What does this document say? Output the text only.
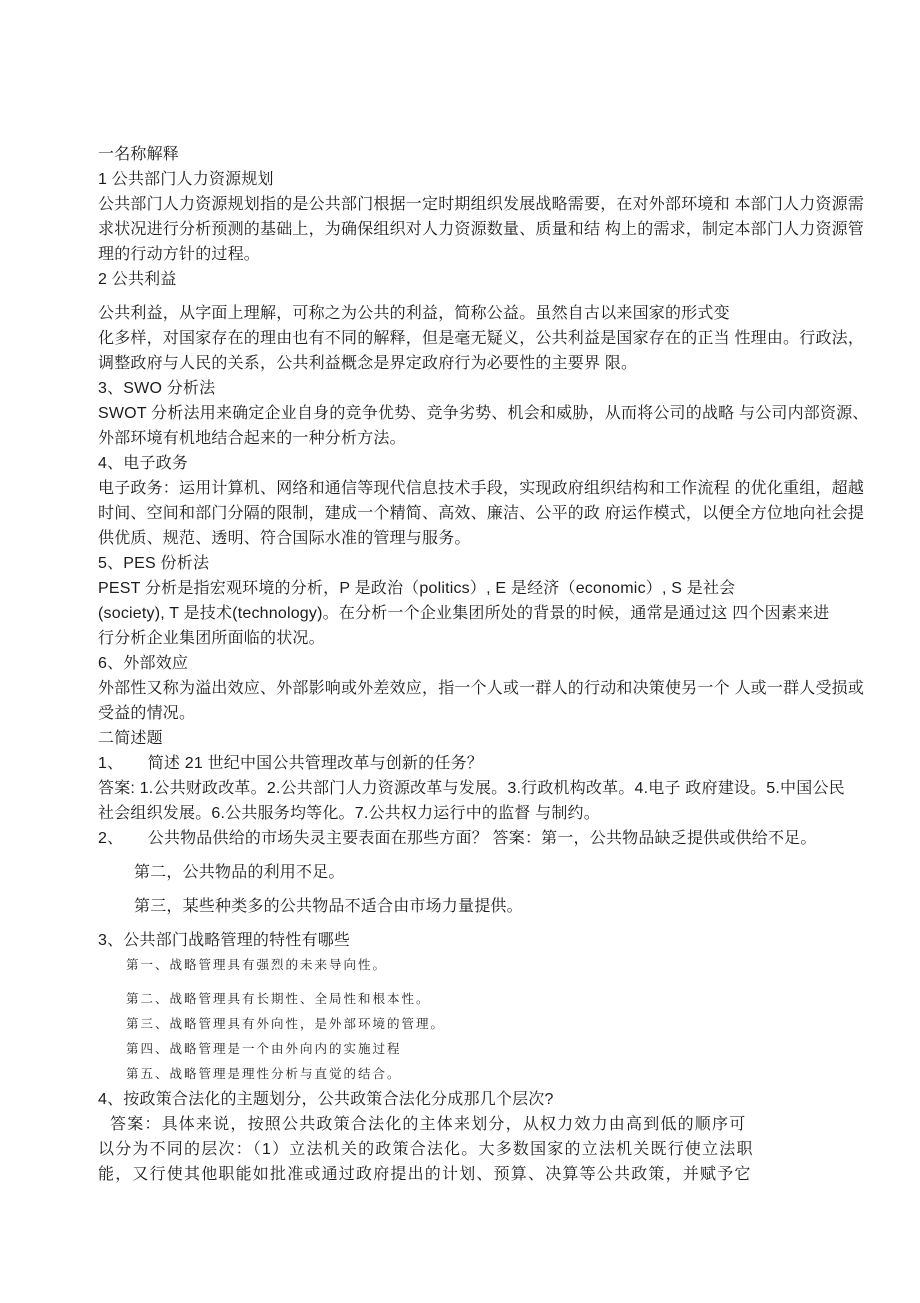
一名称解释
1 公共部门人力资源规划
公共部门人力资源规划指的是公共部门根据一定时期组织发展战略需要，在对外部环境和 本部门人力资源需
求状况进行分析预测的基础上，为确保组织对人力资源数量、质量和结 构上的需求，制定本部门人力资源管
理的行动方针的过程。
2 公共利益
公共利益，从字面上理解，可称之为公共的利益，简称公益。虽然自古以来国家的形式变
化多样，对国家存在的理由也有不同的解释，但是毫无疑义，公共利益是国家存在的正当 性理由。行政法，
调整政府与人民的关系，公共利益概念是界定政府行为必要性的主要界 限。
3、SWO 分析法
SWOT 分析法用来确定企业自身的竞争优势、竞争劣势、机会和威胁，从而将公司的战略 与公司内部资源、
外部环境有机地结合起来的一种分析方法。
4、电子政务
电子政务：运用计算机、网络和通信等现代信息技术手段，实现政府组织结构和工作流程 的优化重组，超越
时间、空间和部门分隔的限制，建成一个精简、高效、廉洁、公平的政 府运作模式，以便全方位地向社会提
供优质、规范、透明、符合国际水准的管理与服务。
5、PES 份析法
PEST 分析是指宏观环境的分析，P 是政治（politics）, E 是经济（economic）, S 是社会
(society), T 是技术(technology)。在分析一个企业集团所处的背景的时候，通常是通过这 四个因素来进
行分析企业集团所面临的状况。
6、外部效应
外部性又称为溢出效应、外部影响或外差效应，指一个人或一群人的行动和决策使另一个 人或一群人受损或
受益的情况。
二简述题
1、　　简述 21 世纪中国公共管理改革与创新的任务？
答案: 1.公共财政改革。2.公共部门人力资源改革与发展。3.行政机构改革。4.电子 政府建设。5.中国公民
社会组织发展。6.公共服务均等化。7.公共权力运行中的监督 与制约。
2、　　公共物品供给的市场失灵主要表面在那些方面？ 答案：第一，公共物品缺乏提供或供给不足。
第二，公共物品的利用不足。
第三，某些种类多的公共物品不适合由市场力量提供。
3、公共部门战略管理的特性有哪些
第一、战略管理具有强烈的未来导向性。
第二、战略管理具有长期性、全局性和根本性。
第三、战略管理具有外向性，是外部环境的管理。
第四、战略管理是一个由外向内的实施过程
第五、战略管理是理性分析与直觉的结合。
4、按政策合法化的主题划分，公共政策合法化分成那几个层次?
答案：具体来说，按照公共政策合法化的主体来划分，从权力效力由高到低的顺序可
以分为不同的层次：（1）立法机关的政策合法化。大多数国家的立法机关既行使立法职
能，又行使其他职能如批准或通过政府提出的计划、预算、决算等公共政策，并赋予它
